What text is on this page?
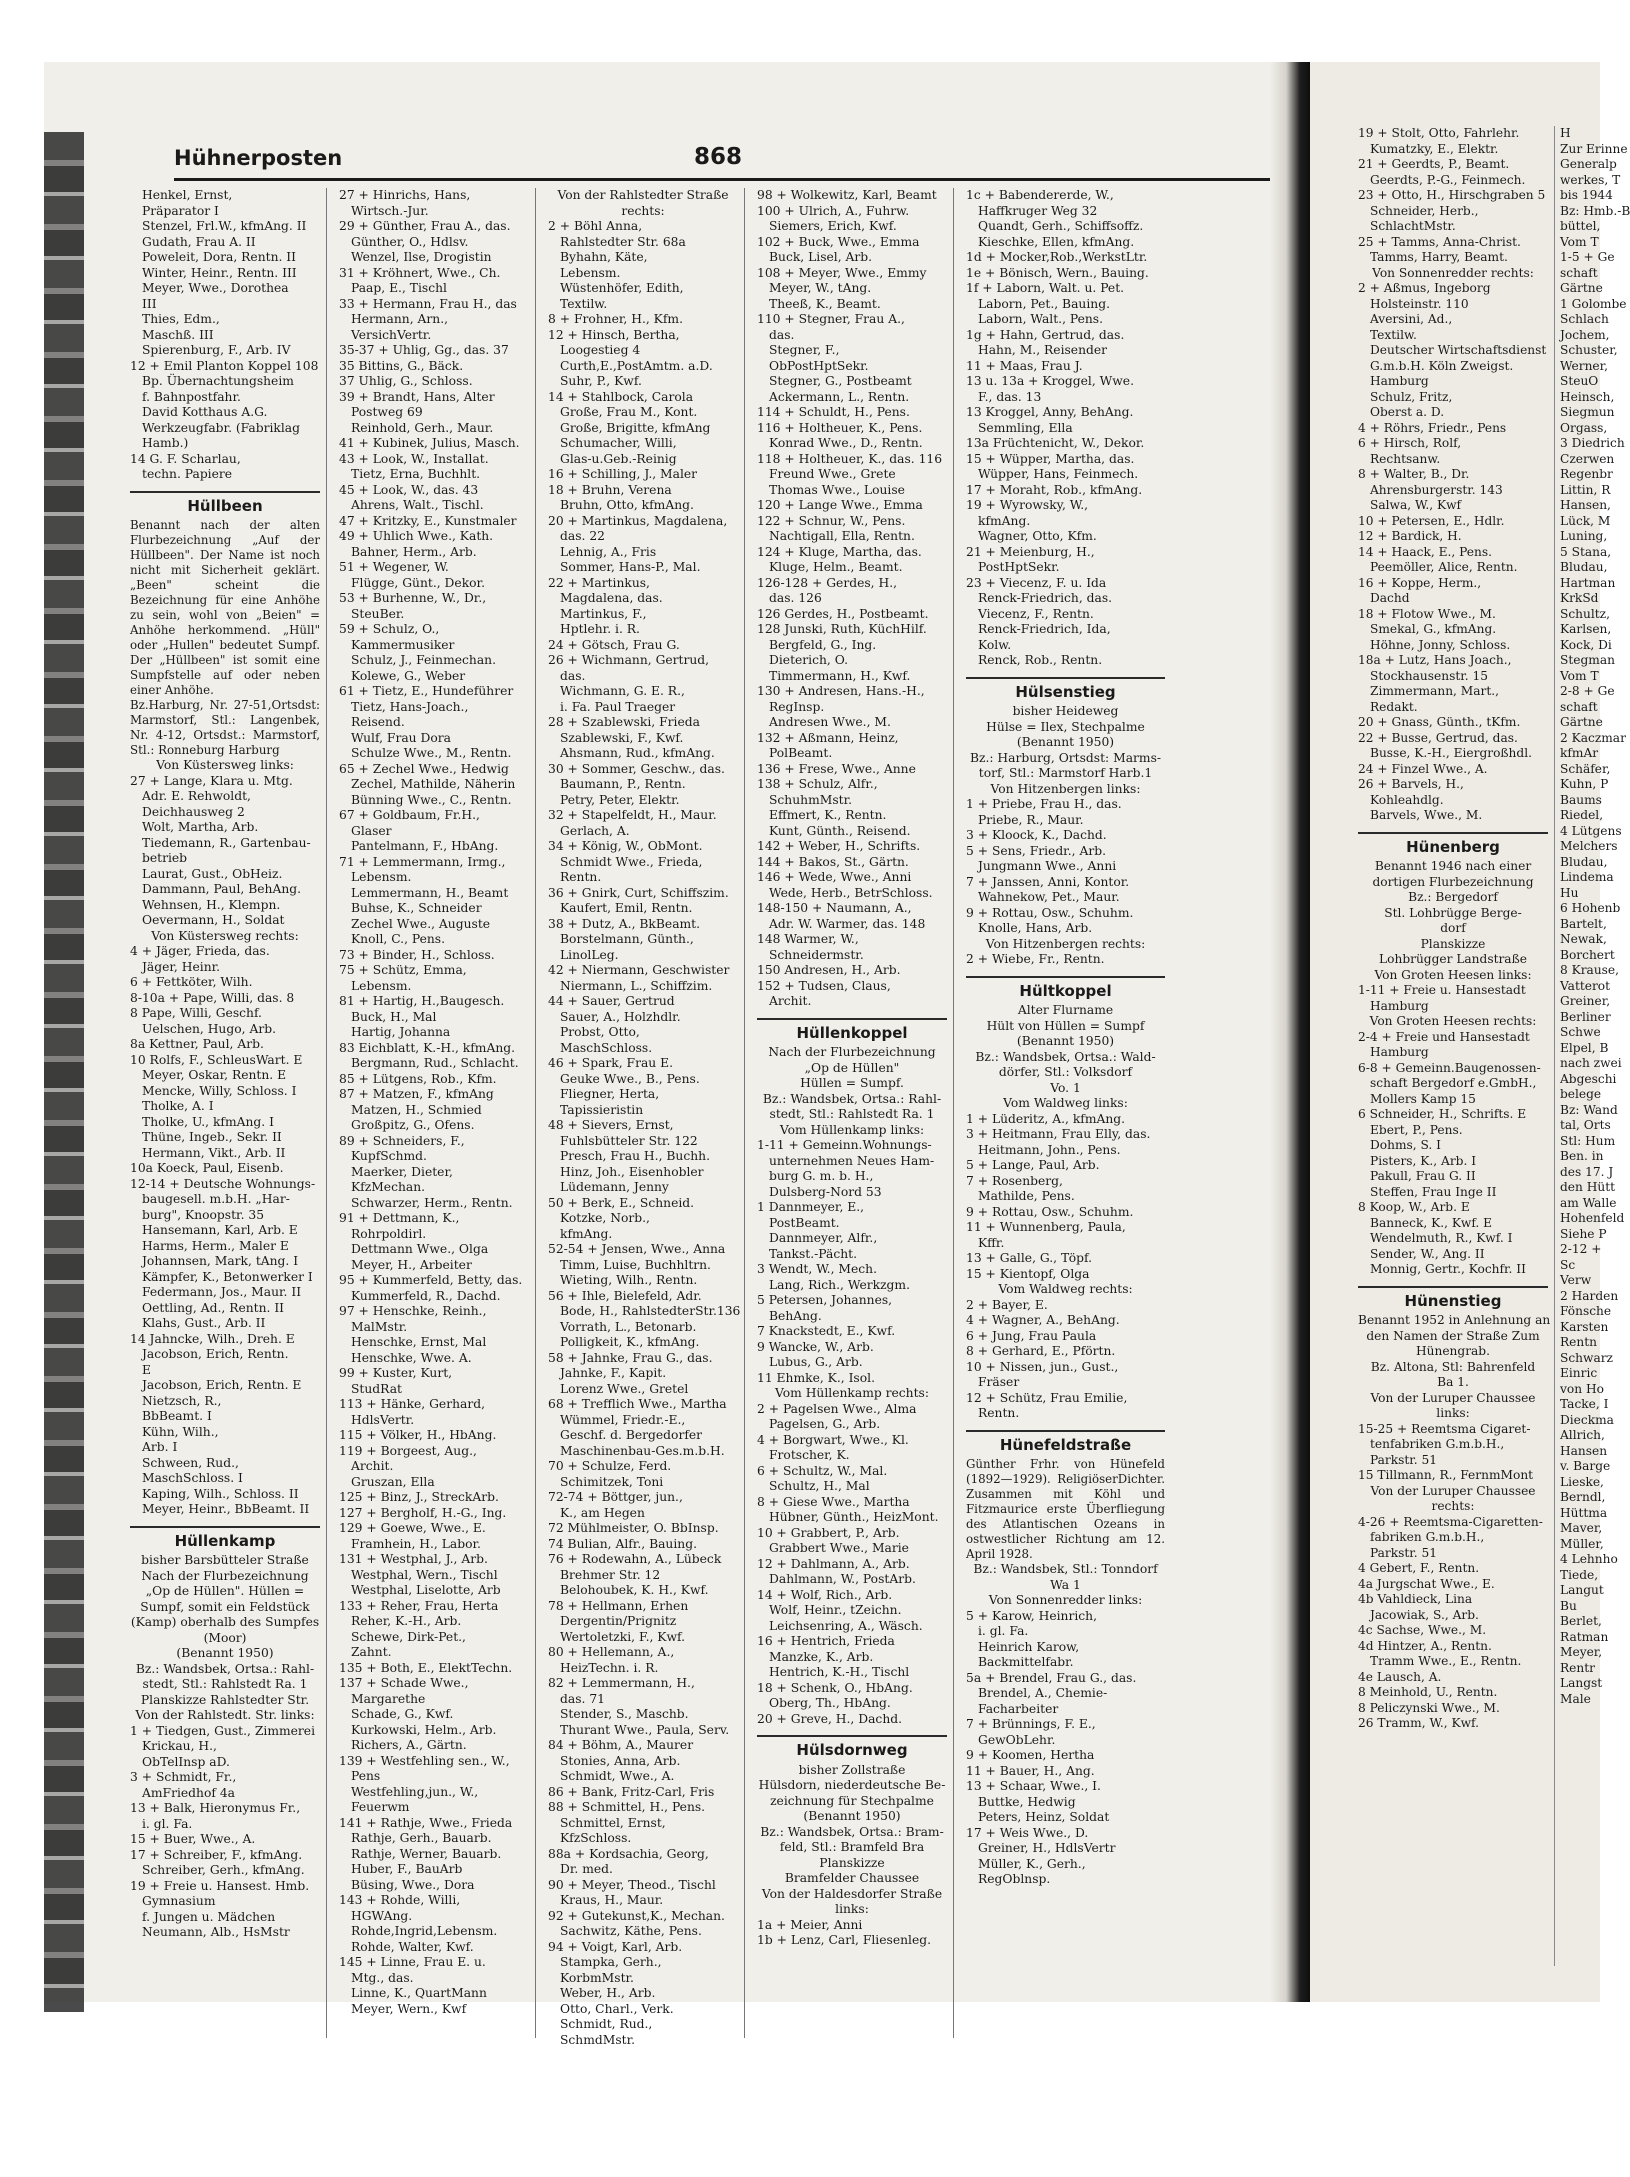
Hühnerposten	868
Henkel, Ernst,
Präparator I
Stenzel, Frl.W., kfmAng. II
Gudath, Frau A. II
Poweleit, Dora, Rentn. II
Winter, Heinr., Rentn. III
Meyer, Wwe., Dorothea
III
Thies, Edm.,
Maschß. III
Spierenburg, F., Arb. IV
12 + Emil Planton Koppel 108
Bp. Übernachtungsheim
f. Bahnpostfahr.
David Kotthaus A.G.
Werkzeugfabr. (Fabriklag
Hamb.)
14 G. F. Scharlau,
techn. Papiere
Hüllbeen
Benannt nach der alten Flurbezeichnung „Auf der Hüllbeen". Der Name ist noch nicht mit Sicherheit geklärt. „Been" scheint die Bezeichnung für eine Anhöhe zu sein, wohl von „Beien" = Anhöhe herkommend. „Hüll" oder „Hullen" bedeutet Sumpf. Der „Hüllbeen" ist somit eine Sumpfstelle auf oder neben einer Anhöhe.
Bz.Harburg, Nr. 27-51,Ortsdst: Marmstorf, Stl.: Langenbek, Nr. 4-12, Ortsdst.: Marmstorf, Stl.: Ronneburg Harburg
Von Küstersweg links:
27 + Lange, Klara u. Mtg.
Adr. E. Rehwoldt,
Deichhausweg 2
Wolt, Martha, Arb.
Tiedemann, R., Gartenbau-
betrieb
Laurat, Gust., ObHeiz.
Dammann, Paul, BehAng.
Wehnsen, H., Klempn.
Oevermann, H., Soldat
Von Küstersweg rechts:
4 + Jäger, Frieda, das.
Jäger, Heinr.
6 + Fettköter, Wilh.
8-10a + Pape, Willi, das. 8
8 Pape, Willi, Geschf.
Uelschen, Hugo, Arb.
8a Kettner, Paul, Arb.
10 Rolfs, F., SchleusWart. E
Meyer, Oskar, Rentn. E
Mencke, Willy, Schloss. I
Tholke, A. I
Tholke, U., kfmAng. I
Thüne, Ingeb., Sekr. II
Hermann, Vikt., Arb. II
10a Koeck, Paul, Eisenb.
12-14 + Deutsche Wohnungs-
baugesell. m.b.H. „Har-
burg", Knoopstr. 35
Hansemann, Karl, Arb. E
Harms, Herm., Maler E
Johannsen, Mark, tAng. I
Kämpfer, K., Betonwerker I
Federmann, Jos., Maur. II
Oettling, Ad., Rentn. II
Klahs, Gust., Arb. II
14 Jahncke, Wilh., Dreh. E
Jacobson, Erich, Rentn.
E
Jacobson, Erich, Rentn. E
Nietzsch, R.,
BbBeamt. I
Kühn, Wilh.,
Arb. I
Schween, Rud.,
MaschSchloss. I
Kaping, Wilh., Schloss. II
Meyer, Heinr., BbBeamt. II
Hüllenkamp
bisher Barsbütteler Straße
Nach der Flurbezeichnung
„Op de Hüllen". Hüllen =
Sumpf, somit ein Feldstück
(Kamp) oberhalb des Sumpfes
(Moor)
(Benannt 1950)
Bz.: Wandsbek, Ortsa.: Rahl-
stedt, Stl.: Rahlstedt Ra. 1
Planskizze Rahlstedter Str.
Von der Rahlstedt. Str. links:
1 + Tiedgen, Gust., Zimmerei
Krickau, H.,
ObTelInsp aD.
3 + Schmidt, Fr.,
AmFriedhof 4a
13 + Balk, Hieronymus Fr.,
i. gl. Fa.
15 + Buer, Wwe., A.
17 + Schreiber, F., kfmAng.
Schreiber, Gerh., kfmAng.
19 + Freie u. Hansest. Hmb.
Gymnasium
f. Jungen u. Mädchen
Neumann, Alb., HsMstr
27 + Hinrichs, Hans,
Wirtsch.-Jur.
29 + Günther, Frau A., das.
Günther, O., Hdlsv.
Wenzel, Ilse, Drogistin
31 + Kröhnert, Wwe., Ch.
Paap, E., Tischl
33 + Hermann, Frau H., das
Hermann, Arn.,
VersichVertr.
35-37 + Uhlig, Gg., das. 37
35 Bittins, G., Bäck.
37 Uhlig, G., Schloss.
39 + Brandt, Hans, Alter
Postweg 69
Reinhold, Gerh., Maur.
41 + Kubinek, Julius, Masch.
43 + Look, W., Installat.
Tietz, Erna, Buchhlt.
45 + Look, W., das. 43
Ahrens, Walt., Tischl.
47 + Kritzky, E., Kunstmaler
49 + Uhlich Wwe., Kath.
Bahner, Herm., Arb.
51 + Wegener, W.
Flügge, Günt., Dekor.
53 + Burhenne, W., Dr.,
SteuBer.
59 + Schulz, O.,
Kammermusiker
Schulz, J., Feinmechan.
Kolewe, G., Weber
61 + Tietz, E., Hundeführer
Tietz, Hans-Joach.,
Reisend.
Wulf, Frau Dora
Schulze Wwe., M., Rentn.
65 + Zechel Wwe., Hedwig
Zechel, Mathilde, Näherin
Bünning Wwe., C., Rentn.
67 + Goldbaum, Fr.H.,
Glaser
Pantelmann, F., HbAng.
71 + Lemmermann, Irmg.,
Lebensm.
Lemmermann, H., Beamt
Buhse, K., Schneider
Zechel Wwe., Auguste
Knoll, C., Pens.
73 + Binder, H., Schloss.
75 + Schütz, Emma,
Lebensm.
81 + Hartig, H.,Baugesch.
Buck, H., Mal
Hartig, Johanna
83 Eichblatt, K.-H., kfmAng.
Bergmann, Rud., Schlacht.
85 + Lütgens, Rob., Kfm.
87 + Matzen, F., kfmAng
Matzen, H., Schmied
Großpitz, G., Ofens.
89 + Schneiders, F.,
KupfSchmd.
Maerker, Dieter,
KfzMechan.
Schwarzer, Herm., Rentn.
91 + Dettmann, K.,
Rohrpoldirl.
Dettmann Wwe., Olga
Meyer, H., Arbeiter
95 + Kummerfeld, Betty, das.
Kummerfeld, R., Dachd.
97 + Henschke, Reinh.,
MalMstr.
Henschke, Ernst, Mal
Henschke, Wwe. A.
99 + Kuster, Kurt,
StudRat
113 + Hänke, Gerhard,
HdlsVertr.
115 + Völker, H., HbAng.
119 + Borgeest, Aug.,
Archit.
Gruszan, Ella
125 + Binz, J., StreckArb.
127 + Bergholf, H.-G., Ing.
129 + Goewe, Wwe., E.
Framhein, H., Labor.
131 + Westphal, J., Arb.
Westphal, Wern., Tischl
Westphal, Liselotte, Arb
133 + Reher, Frau, Herta
Reher, K.-H., Arb.
Schewe, Dirk-Pet.,
Zahnt.
135 + Both, E., ElektTechn.
137 + Schade Wwe.,
Margarethe
Schade, G., Kwf.
Kurkowski, Helm., Arb.
Richers, A., Gärtn.
139 + Westfehling sen., W.,
Pens
Westfehling,jun., W.,
Feuerwm
141 + Rathje, Wwe., Frieda
Rathje, Gerh., Bauarb.
Rathje, Werner, Bauarb.
Huber, F., BauArb
Büsing, Wwe., Dora
143 + Rohde, Willi,
HGWAng.
Rohde,Ingrid,Lebensm.
Rohde, Walter, Kwf.
145 + Linne, Frau E. u.
Mtg., das.
Linne, K., QuartMann
Meyer, Wern., Kwf
Von der Rahlstedter Straße
rechts:
2 + Böhl Anna,
Rahlstedter Str. 68a
Byhahn, Käte,
Lebensm.
Wüstenhöfer, Edith,
Textilw.
8 + Frohner, H., Kfm.
12 + Hinsch, Bertha,
Loogestieg 4
Curth,E.,PostAmtm. a.D.
Suhr, P., Kwf.
14 + Stahlbock, Carola
Große, Frau M., Kont.
Große, Brigitte, kfmAng
Schumacher, Willi,
Glas-u.Geb.-Reinig
16 + Schilling, J., Maler
18 + Bruhn, Verena
Bruhn, Otto, kfmAng.
20 + Martinkus, Magdalena,
das. 22
Lehnig, A., Fris
Sommer, Hans-P., Mal.
22 + Martinkus,
Magdalena, das.
Martinkus, F.,
Hptlehr. i. R.
24 + Götsch, Frau G.
26 + Wichmann, Gertrud,
das.
Wichmann, G. E. R.,
i. Fa. Paul Traeger
28 + Szablewski, Frieda
Szablewski, F., Kwf.
Ahsmann, Rud., kfmAng.
30 + Sommer, Geschw., das.
Baumann, P., Rentn.
Petry, Peter, Elektr.
32 + Stapelfeldt, H., Maur.
Gerlach, A.
34 + König, W., ObMont.
Schmidt Wwe., Frieda,
Rentn.
36 + Gnirk, Curt, Schiffszim.
Kaufert, Emil, Rentn.
38 + Dutz, A., BkBeamt.
Borstelmann, Günth.,
LinolLeg.
42 + Niermann, Geschwister
Niermann, L., Schiffzim.
44 + Sauer, Gertrud
Sauer, A., Holzhdlr.
Probst, Otto,
MaschSchloss.
46 + Spark, Frau E.
Geuke Wwe., B., Pens.
Fliegner, Herta,
Tapissieristin
48 + Sievers, Ernst,
Fuhlsbütteler Str. 122
Presch, Frau H., Buchh.
Hinz, Joh., Eisenhobler
Lüdemann, Jenny
50 + Berk, E., Schneid.
Kotzke, Norb.,
kfmAng.
52-54 + Jensen, Wwe., Anna
Timm, Luise, Buchhltrn.
Wieting, Wilh., Rentn.
56 + Ihle, Bielefeld, Adr.
Bode, H., RahlstedterStr.136
Vorrath, L., Betonarb.
Polligkeit, K., kfmAng.
58 + Jahnke, Frau G., das.
Jahnke, F., Kapit.
Lorenz Wwe., Gretel
68 + Trefflich Wwe., Martha
Wümmel, Friedr.-E.,
Geschf. d. Bergedorfer
Maschinenbau-Ges.m.b.H.
70 + Schulze, Ferd.
Schimitzek, Toni
72-74 + Böttger, jun.,
K., am Hegen
72 Mühlmeister, O. BbInsp.
74 Bulian, Alfr., Bauing.
76 + Rodewahn, A., Lübeck
Brehmer Str. 12
Belohoubek, K. H., Kwf.
78 + Hellmann, Erhen
Dergentin/Prignitz
Wertoletzki, F., Kwf.
80 + Hellemann, A.,
HeizTechn. i. R.
82 + Lemmermann, H.,
das. 71
Stender, S., Maschb.
Thurant Wwe., Paula, Serv.
84 + Böhm, A., Maurer
Stonies, Anna, Arb.
Schmidt, Wwe., A.
86 + Bank, Fritz-Carl, Fris
88 + Schmittel, H., Pens.
Schmittel, Ernst,
KfzSchloss.
88a + Kordsachia, Georg,
Dr. med.
90 + Meyer, Theod., Tischl
Kraus, H., Maur.
92 + Gutekunst,K., Mechan.
Sachwitz, Käthe, Pens.
94 + Voigt, Karl, Arb.
Stampka, Gerh.,
KorbmMstr.
Weber, H., Arb.
Otto, Charl., Verk.
Schmidt, Rud.,
SchmdMstr.
98 + Wolkewitz, Karl, Beamt
100 + Ulrich, A., Fuhrw.
Siemers, Erich, Kwf.
102 + Buck, Wwe., Emma
Buck, Lisel, Arb.
108 + Meyer, Wwe., Emmy
Meyer, W., tAng.
Theeß, K., Beamt.
110 + Stegner, Frau A.,
das.
Stegner, F.,
ObPostHptSekr.
Stegner, G., Postbeamt
Ackermann, L., Rentn.
114 + Schuldt, H., Pens.
116 + Holtheuer, K., Pens.
Konrad Wwe., D., Rentn.
118 + Holtheuer, K., das. 116
Freund Wwe., Grete
Thomas Wwe., Louise
120 + Lange Wwe., Emma
122 + Schnur, W., Pens.
Nachtigall, Ella, Rentn.
124 + Kluge, Martha, das.
Kluge, Helm., Beamt.
126-128 + Gerdes, H.,
das. 126
126 Gerdes, H., Postbeamt.
128 Junski, Ruth, KüchHilf.
Bergfeld, G., Ing.
Dieterich, O.
Timmermann, H., Kwf.
130 + Andresen, Hans.-H.,
RegInsp.
Andresen Wwe., M.
132 + Aßmann, Heinz,
PolBeamt.
136 + Frese, Wwe., Anne
138 + Schulz, Alfr.,
SchuhmMstr.
Effmert, K., Rentn.
Kunt, Günth., Reisend.
142 + Weber, H., Schrifts.
144 + Bakos, St., Gärtn.
146 + Wede, Wwe., Anni
Wede, Herb., BetrSchloss.
148-150 + Naumann, A.,
Adr. W. Warmer, das. 148
148 Warmer, W.,
Schneidermstr.
150 Andresen, H., Arb.
152 + Tudsen, Claus,
Archit.
Hüllenkoppel
Nach der Flurbezeichnung
„Op de Hüllen"
Hüllen = Sumpf.
Bz.: Wandsbek, Ortsa.: Rahl-
stedt, Stl.: Rahlstedt Ra. 1
Vom Hüllenkamp links:
1-11 + Gemeinn.Wohnungs-
unternehmen Neues Ham-
burg G. m. b. H.,
Dulsberg-Nord 53
1 Dannmeyer, E.,
PostBeamt.
Dannmeyer, Alfr.,
Tankst.-Pächt.
3 Wendt, W., Mech.
Lang, Rich., Werkzgm.
5 Petersen, Johannes,
BehAng.
7 Knackstedt, E., Kwf.
9 Wancke, W., Arb.
Lubus, G., Arb.
11 Ehmke, K., Isol.
Vom Hüllenkamp rechts:
2 + Pagelsen Wwe., Alma
Pagelsen, G., Arb.
4 + Borgwart, Wwe., Kl.
Frotscher, K.
6 + Schultz, W., Mal.
Schultz, H., Mal
8 + Giese Wwe., Martha
Hübner, Günth., HeizMont.
10 + Grabbert, P., Arb.
Grabbert Wwe., Marie
12 + Dahlmann, A., Arb.
Dahlmann, W., PostArb.
14 + Wolf, Rich., Arb.
Wolf, Heinr., tZeichn.
Leichsenring, A., Wäsch.
16 + Hentrich, Frieda
Manzke, K., Arb.
Hentrich, K.-H., Tischl
18 + Schenk, O., HbAng.
Oberg, Th., HbAng.
20 + Greve, H., Dachd.
Hülsdornweg
bisher Zollstraße
Hülsdorn, niederdeutsche Be-
zeichnung für Stechpalme
(Benannt 1950)
Bz.: Wandsbek, Ortsa.: Bram-
feld, Stl.: Bramfeld Bra
Planskizze
Bramfelder Chaussee
Von der Haldesdorfer Straße
links:
1a + Meier, Anni
1b + Lenz, Carl, Fliesenleg.
1c + Babendererde, W.,
Haffkruger Weg 32
Quandt, Gerh., Schiffsoffz.
Kieschke, Ellen, kfmAng.
1d + Mocker,Rob.,WerkstLtr.
1e + Bönisch, Wern., Bauing.
1f + Laborn, Walt. u. Pet.
Laborn, Pet., Bauing.
Laborn, Walt., Pens.
1g + Hahn, Gertrud, das.
Hahn, M., Reisender
11 + Maas, Frau J.
13 u. 13a + Kroggel, Wwe.
F., das. 13
13 Kroggel, Anny, BehAng.
Semmling, Ella
13a Früchtenicht, W., Dekor.
15 + Wüpper, Martha, das.
Wüpper, Hans, Feinmech.
17 + Moraht, Rob., kfmAng.
19 + Wyrowsky, W.,
kfmAng.
Wagner, Otto, Kfm.
21 + Meienburg, H.,
PostHptSekr.
23 + Viecenz, F. u. Ida
Renck-Friedrich, das.
Viecenz, F., Rentn.
Renck-Friedrich, Ida,
Kolw.
Renck, Rob., Rentn.
Hülsenstieg
bisher Heideweg
Hülse = Ilex, Stechpalme
(Benannt 1950)
Bz.: Harburg, Ortsdst: Marms-
torf, Stl.: Marmstorf Harb.1
Von Hitzenbergen links:
1 + Priebe, Frau H., das.
Priebe, R., Maur.
3 + Kloock, K., Dachd.
5 + Sens, Friedr., Arb.
Jungmann Wwe., Anni
7 + Janssen, Anni, Kontor.
Wahnekow, Pet., Maur.
9 + Rottau, Osw., Schuhm.
Knolle, Hans, Arb.
Von Hitzenbergen rechts:
2 + Wiebe, Fr., Rentn.
Hültkoppel
Alter Flurname
Hült von Hüllen = Sumpf
(Benannt 1950)
Bz.: Wandsbek, Ortsa.: Wald-
dörfer, Stl.: Volksdorf
Vo. 1
Vom Waldweg links:
1 + Lüderitz, A., kfmAng.
3 + Heitmann, Frau Elly, das.
Heitmann, John., Pens.
5 + Lange, Paul, Arb.
7 + Rosenberg,
Mathilde, Pens.
9 + Rottau, Osw., Schuhm.
11 + Wunnenberg, Paula,
Kffr.
13 + Galle, G., Töpf.
15 + Kientopf, Olga
Vom Waldweg rechts:
2 + Bayer, E.
4 + Wagner, A., BehAng.
6 + Jung, Frau Paula
8 + Gerhard, E., Pförtn.
10 + Nissen, jun., Gust.,
Fräser
12 + Schütz, Frau Emilie,
Rentn.
Hünefeldstraße
Günther Frhr. von Hünefeld (1892—1929). ReligiöserDichter. Zusammen mit Köhl und Fitzmaurice erste Überfliegung des Atlantischen Ozeans in ostwestlicher Richtung am 12. April 1928.
Bz.: Wandsbek, Stl.: Tonndorf
Wa 1
Von Sonnenredder links:
5 + Karow, Heinrich,
i. gl. Fa.
Heinrich Karow,
Backmittelfabr.
5a + Brendel, Frau G., das.
Brendel, A., Chemie-
Facharbeiter
7 + Brünnings, F. E.,
GewObLehr.
9 + Koomen, Hertha
11 + Bauer, H., Ang.
13 + Schaar, Wwe., I.
Buttke, Hedwig
Peters, Heinz, Soldat
17 + Weis Wwe., D.
Greiner, H., HdlsVertr
Müller, K., Gerh.,
RegOblnsp.
19 + Stolt, Otto, Fahrlehr.
Kumatzky, E., Elektr.
21 + Geerdts, P., Beamt.
Geerdts, P.-G., Feinmech.
23 + Otto, H., Hirschgraben 5
Schneider, Herb.,
SchlachtMstr.
25 + Tamms, Anna-Christ.
Tamms, Harry, Beamt.
Von Sonnenredder rechts:
2 + Aßmus, Ingeborg
Holsteinstr. 110
Aversini, Ad.,
Textilw.
Deutscher Wirtschaftsdienst
G.m.b.H. Köln Zweigst.
Hamburg
Schulz, Fritz,
Oberst a. D.
4 + Röhrs, Friedr., Pens
6 + Hirsch, Rolf,
Rechtsanw.
8 + Walter, B., Dr.
Ahrensburgerstr. 143
Salwa, W., Kwf
10 + Petersen, E., Hdlr.
12 + Bardick, H.
14 + Haack, E., Pens.
Peemöller, Alice, Rentn.
16 + Koppe, Herm.,
Dachd
18 + Flotow Wwe., M.
Smekal, G., kfmAng.
Höhne, Jonny, Schloss.
18a + Lutz, Hans Joach.,
Stockhausenstr. 15
Zimmermann, Mart.,
Redakt.
20 + Gnass, Günth., tKfm.
22 + Busse, Gertrud, das.
Busse, K.-H., Eiergroßhdl.
24 + Finzel Wwe., A.
26 + Barvels, H.,
Kohleahdlg.
Barvels, Wwe., M.
Hünenberg
Benannt 1946 nach einer
dortigen Flurbezeichnung
Bz.: Bergedorf
Stl. Lohbrügge Berge-
dorf
Planskizze
Lohbrügger Landstraße
Von Groten Heesen links:
1-11 + Freie u. Hansestadt
Hamburg
Von Groten Heesen rechts:
2-4 + Freie und Hansestadt
Hamburg
6-8 + Gemeinn.Baugenossen-
schaft Bergedorf e.GmbH.,
Mollers Kamp 15
6 Schneider, H., Schrifts. E
Ebert, P., Pens.
Dohms, S. I
Pisters, K., Arb. I
Pakull, Frau G. II
Steffen, Frau Inge II
8 Koop, W., Arb. E
Banneck, K., Kwf. E
Wendelmuth, R., Kwf. I
Sender, W., Ang. II
Monnig, Gertr., Kochfr. II
Hünenstieg
Benannt 1952 in Anlehnung an
den Namen der Straße Zum
Hünengrab.
Bz. Altona, Stl: Bahrenfeld
Ba 1.
Von der Luruper Chaussee
links:
15-25 + Reemtsma Cigaret-
tenfabriken G.m.b.H.,
Parkstr. 51
15 Tillmann, R., FernmMont
Von der Luruper Chaussee
rechts:
4-26 + Reemtsma-Cigaretten-
fabriken G.m.b.H.,
Parkstr. 51
4 Gebert, F., Rentn.
4a Jurgschat Wwe., E.
4b Vahldieck, Lina
Jacowiak, S., Arb.
4c Sachse, Wwe., M.
4d Hintzer, A., Rentn.
Tramm Wwe., E., Rentn.
4e Lausch, A.
8 Meinhold, U., Rentn.
8 Peliczynski Wwe., M.
26 Tramm, W., Kwf.
H
Zur Erinne
Generalp
werkes, T
bis 1944
Bz: Hmb.-B
büttel,
Vom T
1-5 + Ge
schaft
Gärtne
1 Golombe
Schlach
Jochem,
Schuster,
Werner,
SteuO
Heinsch,
Siegmun
Orgass,
3 Diedrich
Czerwen
Regenbr
Littin, R
Hansen,
Lück, M
Luning,
5 Stana,
Bludau,
Hartman
KrkSd
Schultz,
Karlsen,
Kock, Di
Stegman
Vom T
2-8 + Ge
schaft
Gärtne
2 Kaczmar
kfmAr
Schäfer,
Kuhn, P
Baums
Riedel,
4 Lütgens
Melchers
Bludau,
Lindema
Hu
6 Hohenb
Bartelt,
Newak,
Borchert
8 Krause,
Vatterot
Greiner,
Berliner
Schwe
Elpel, B
nach zwei
Abgeschi
belege
Bz: Wand
tal, Orts
Stl: Hum
Ben. in
des 17. J
den Hütt
am Walle
Hohenfeld
Siehe P
2-12 +
Sc
Verw
2 Harden
Fönsche
Karsten
Rentn
Schwarz
Einric
von Ho
Tacke, I
Dieckma
Allrich,
Hansen
v. Barge
Lieske,
Berndl,
Hüttma
Maver,
Müller,
4 Lehnho
Tiede,
Langut
Bu
Berlet,
Ratman
Meyer,
Rentr
Langst
Male
